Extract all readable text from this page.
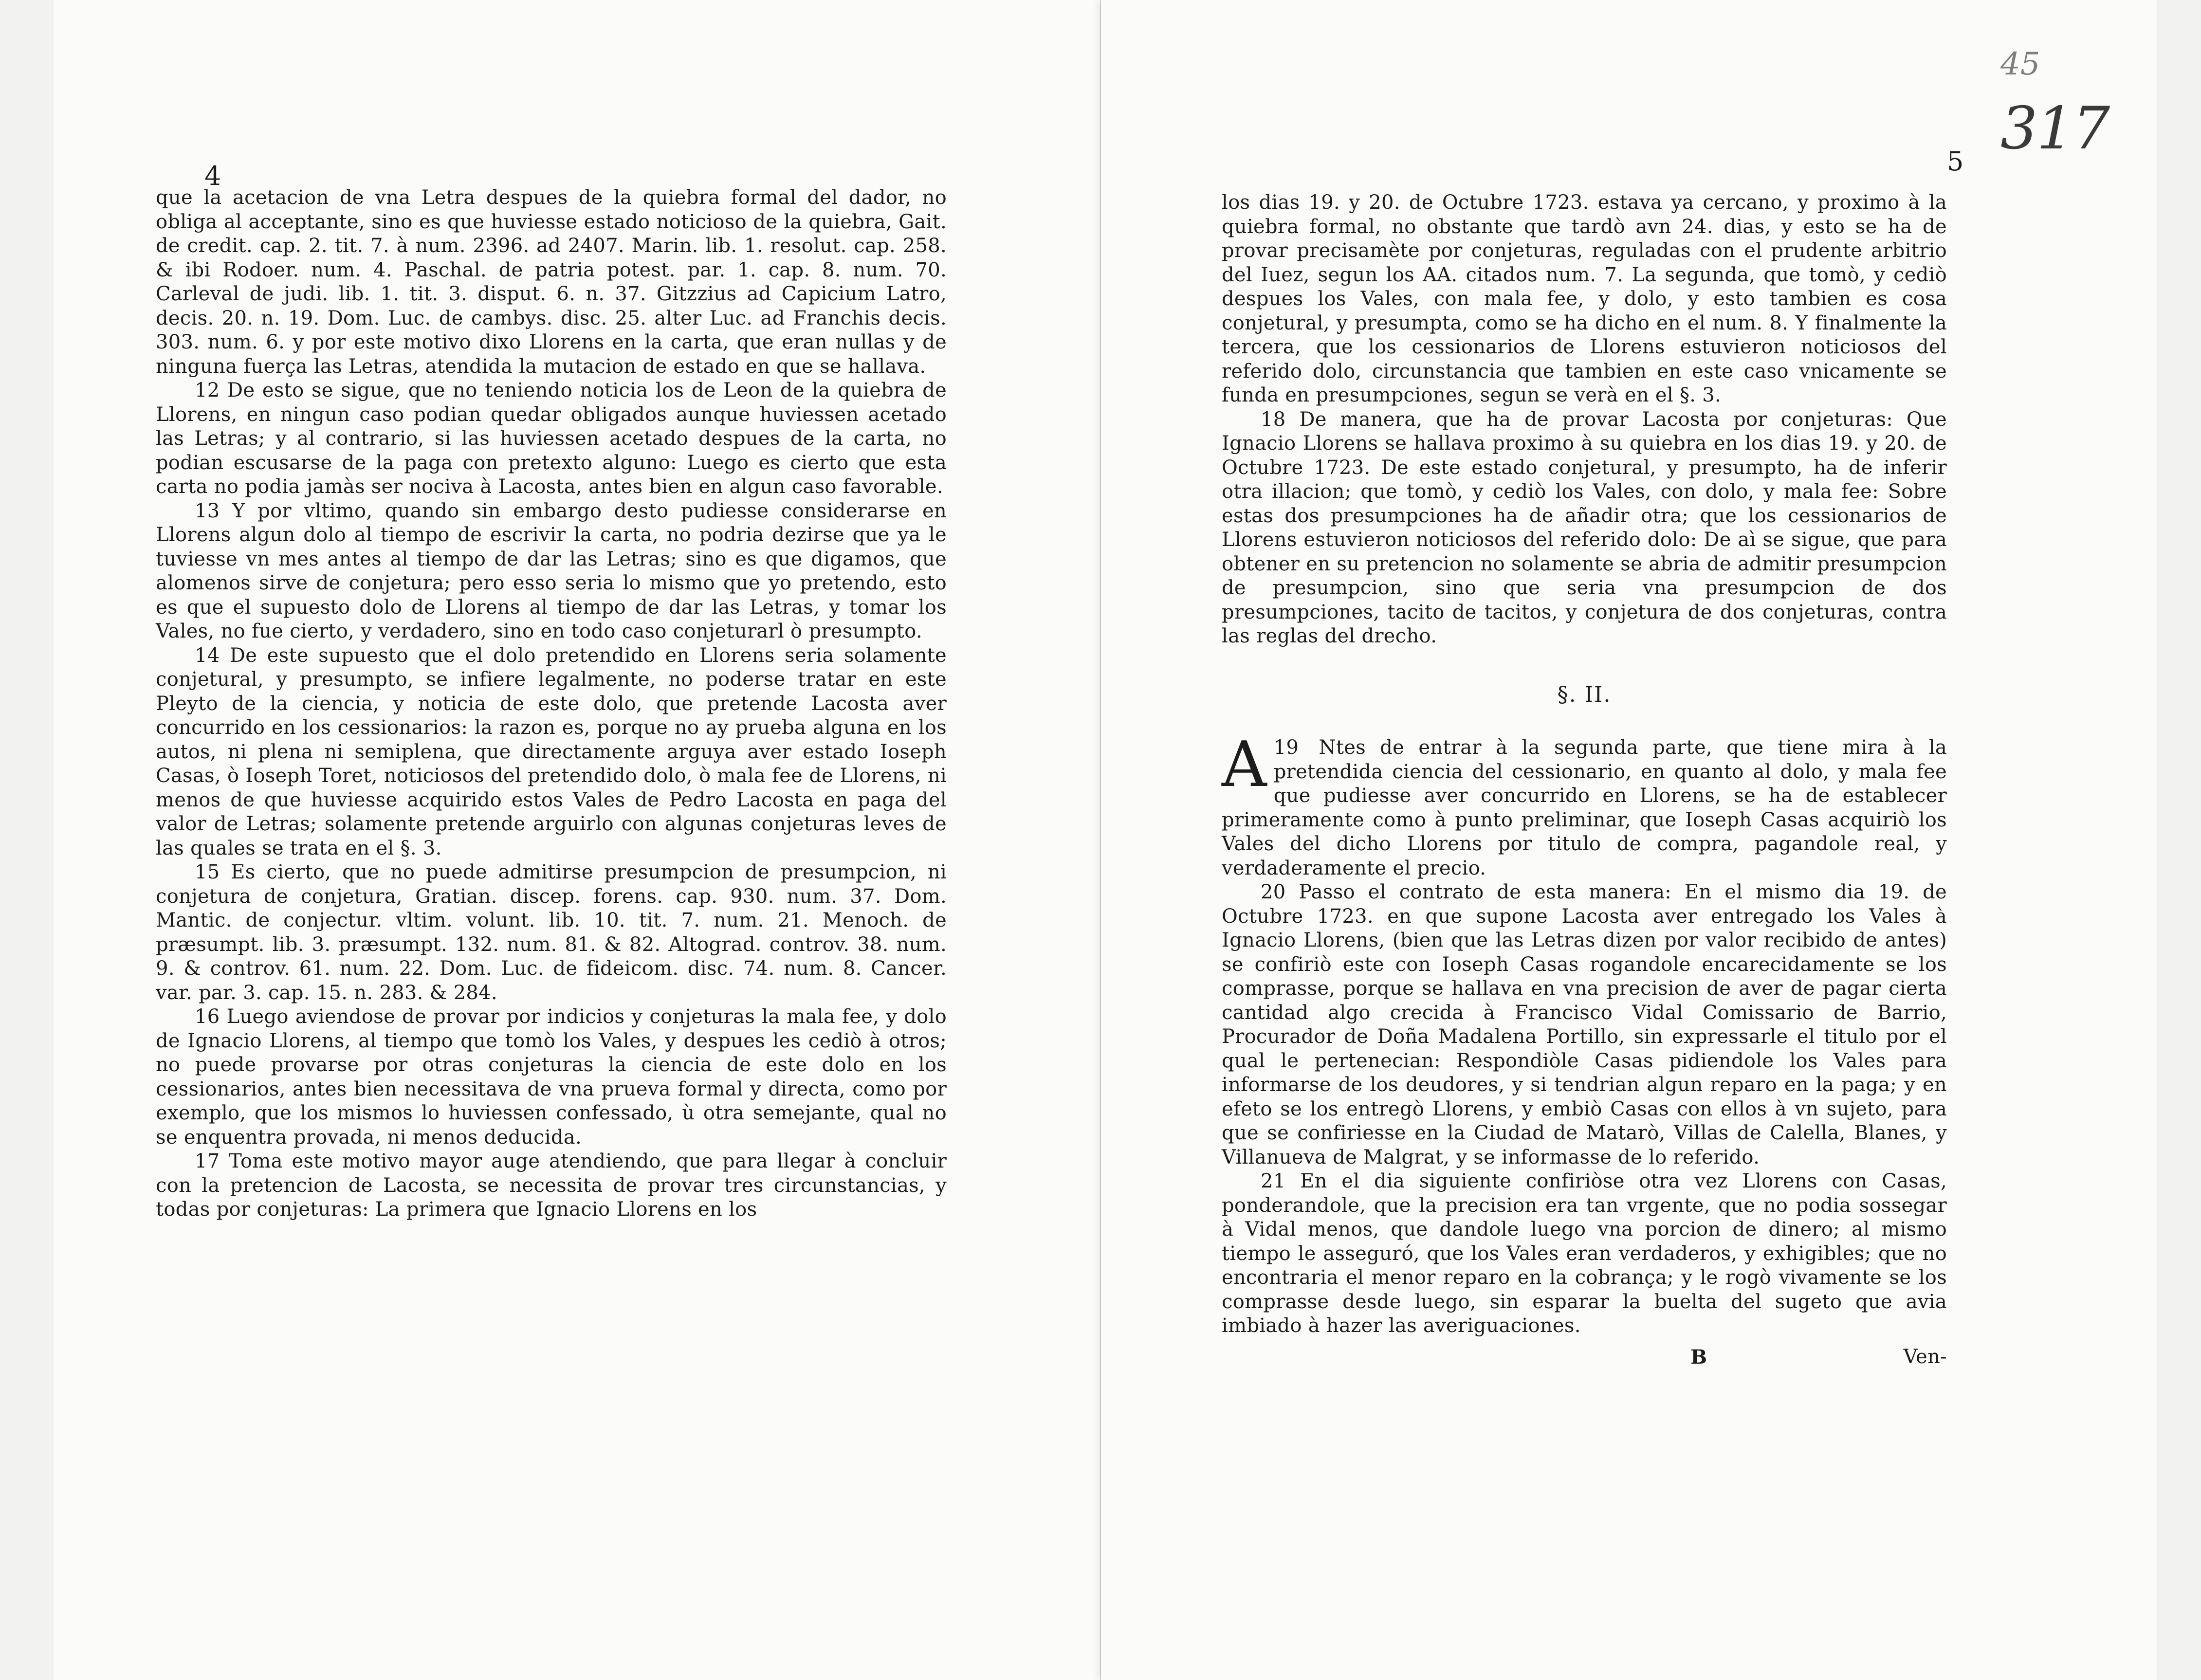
4

que la acetacion de vna Letra despues de la quiebra formal del dador, no obliga al acceptante, sino es que huviesse estado noticioso de la quiebra, Gait. de credit. cap. 2. tit. 7. à num. 2396. ad 2407. Marin. lib. 1. resolut. cap. 258. & ibi Rodoer. num. 4. Paschal. de patria potest. par. 1. cap. 8. num. 70. Carleval de judi. lib. 1. tit. 3. disput. 6. n. 37. Gitzzius ad Capicium Latro, decis. 20. n. 19. Dom. Luc. de cambys. disc. 25. alter Luc. ad Franchis decis. 303. num. 6. y por este motivo dixo Llorens en la carta, que eran nullas y de ninguna fuerça las Letras, atendida la mutacion de estado en que se hallava.

12 De esto se sigue, que no teniendo noticia los de Leon de la quiebra de Llorens, en ningun caso podian quedar obligados aunque huviessen acetado las Letras; y al contrario, si las huviessen acetado despues de la carta, no podian escusarse de la paga con pretexto alguno: Luego es cierto que esta carta no podia jamàs ser nociva à Lacosta, antes bien en algun caso favorable.

13 Y por vltimo, quando sin embargo desto pudiesse considerarse en Llorens algun dolo al tiempo de escrivir la carta, no podria dezirse que ya le tuviesse vn mes antes al tiempo de dar las Letras; sino es que digamos, que alomenos sirve de conjetura; pero esso seria lo mismo que yo pretendo, esto es que el supuesto dolo de Llorens al tiempo de dar las Letras, y tomar los Vales, no fue cierto, y verdadero, sino en todo caso conjeturarl ò presumpto.

14 De este supuesto que el dolo pretendido en Llorens seria solamente conjetural, y presumpto, se infiere legalmente, no poderse tratar en este Pleyto de la ciencia, y noticia de este dolo, que pretende Lacosta aver concurrido en los cessionarios: la razon es, porque no ay prueba alguna en los autos, ni plena ni semiplena, que directamente arguya aver estado Ioseph Casas, ò Ioseph Toret, noticiosos del pretendido dolo, ò mala fee de Llorens, ni menos de que huviesse acquirido estos Vales de Pedro Lacosta en paga del valor de Letras; solamente pretende arguirlo con algunas conjeturas leves de las quales se trata en el §. 3.

15 Es cierto, que no puede admitirse presumpcion de presumpcion, ni conjetura de conjetura, Gratian. discep. forens. cap. 930. num. 37. Dom. Mantic. de conjectur. vltim. volunt. lib. 10. tit. 7. num. 21. Menoch. de præsumpt. lib. 3. præsumpt. 132. num. 81. & 82. Altograd. controv. 38. num. 9. & controv. 61. num. 22. Dom. Luc. de fideicom. disc. 74. num. 8. Cancer. var. par. 3. cap. 15. n. 283. & 284.

16 Luego aviendose de provar por indicios y conjeturas la mala fee, y dolo de Ignacio Llorens, al tiempo que tomò los Vales, y despues les cediò à otros; no puede provarse por otras conjeturas la ciencia de este dolo en los cessionarios, antes bien necessitava de vna prueva formal y directa, como por exemplo, que los mismos lo huviessen confessado, ù otra semejante, qual no se enquentra provada, ni menos deducida.

17 Toma este motivo mayor auge atendiendo, que para llegar à concluir con la pretencion de Lacosta, se necessita de provar tres circunstancias, y todas por conjeturas: La primera que Ignacio Llorens en los

5
45
317

los dias 19. y 20. de Octubre 1723. estava ya cercano, y proximo à la quiebra formal, no obstante que tardò avn 24. dias, y esto se ha de provar precisamète por conjeturas, reguladas con el prudente arbitrio del Iuez, segun los AA. citados num. 7. La segunda, que tomò, y cediò despues los Vales, con mala fee, y dolo, y esto tambien es cosa conjetural, y presumpta, como se ha dicho en el num. 8. Y finalmente la tercera, que los cessionarios de Llorens estuvieron noticiosos del referido dolo, circunstancia que tambien en este caso vnicamente se funda en presumpciones, segun se verà en el §. 3.

18 De manera, que ha de provar Lacosta por conjeturas: Que Ignacio Llorens se hallava proximo à su quiebra en los dias 19. y 20. de Octubre 1723. De este estado conjetural, y presumpto, ha de inferir otra illacion; que tomò, y cediò los Vales, con dolo, y mala fee: Sobre estas dos presumpciones ha de añadir otra; que los cessionarios de Llorens estuvieron noticiosos del referido dolo: De aì se sigue, que para obtener en su pretencion no solamente se abria de admitir presumpcion de presumpcion, sino que seria vna presumpcion de dos presumpciones, tacito de tacitos, y conjetura de dos conjeturas, contra las reglas del drecho.

§. II.

19
A	Ntes de entrar à la segunda parte, que tiene mira à la pretendida ciencia del cessionario, en quanto al dolo, y mala fee que pudiesse aver concurrido en Llorens, se ha de establecer primeramente como à punto preliminar, que Ioseph Casas acquiriò los Vales del dicho Llorens por titulo de compra, pagandole real, y verdaderamente el precio.

20 Passo el contrato de esta manera: En el mismo dia 19. de Octubre 1723. en que supone Lacosta aver entregado los Vales à Ignacio Llorens, (bien que las Letras dizen por valor recibido de antes) se confiriò este con Ioseph Casas rogandole encarecidamente se los comprasse, porque se hallava en vna precision de aver de pagar cierta cantidad algo crecida à Francisco Vidal Comissario de Barrio, Procurador de Doña Madalena Portillo, sin expressarle el titulo por el qual le pertenecian: Respondiòle Casas pidiendole los Vales para informarse de los deudores, y si tendrian algun reparo en la paga; y en efeto se los entregò Llorens, y embiò Casas con ellos à vn sujeto, para que se confiriesse en la Ciudad de Matarò, Villas de Calella, Blanes, y Villanueva de Malgrat, y se informasse de lo referido.

21 En el dia siguiente confiriòse otra vez Llorens con Casas, ponderandole, que la precision era tan vrgente, que no podia sossegar à Vidal menos, que dandole luego vna porcion de dinero; al mismo tiempo le asseguró, que los Vales eran verdaderos, y exhigibles; que no encontraria el menor reparo en la cobrança; y le rogò vivamente se los comprasse desde luego, sin esparar la buelta del sugeto que avia imbiado à hazer las averiguaciones.

B	Ven-
